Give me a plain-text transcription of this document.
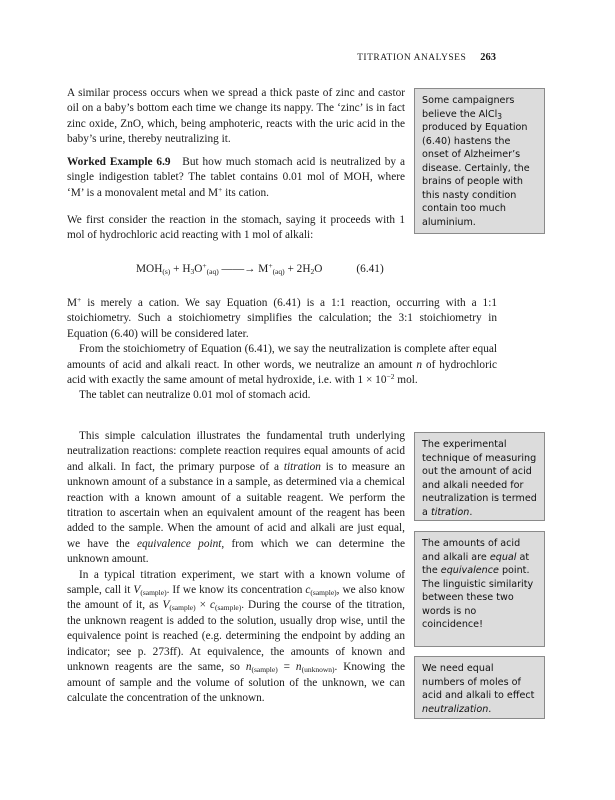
TITRATION ANALYSES 263

A similar process occurs when we spread a thick paste of zinc and castor oil on a baby’s bottom each time we change its nappy. The ‘zinc’ is in fact zinc oxide, ZnO, which, being amphoteric, reacts with the uric acid in the baby’s urine, thereby neutralizing it.

Worked Example 6.9 But how much stomach acid is neutralized by a single indigestion tablet? The tablet contains 0.01 mol of MOH, where ‘M’ is a monovalent metal and M+ its cation.

We first consider the reaction in the stomach, saying it proceeds with 1 mol of hydrochloric acid reacting with 1 mol of alkali:

$MOH_{(s)} + H_3O^+_{(aq)}$ ——→ $M^+_{(aq)} + 2H_2O$	(6.41)

M+ is merely a cation. We say Equation (6.41) is a 1:1 reaction, occurring with a 1:1 stoichiometry. Such a stoichiometry simplifies the calculation; the 3:1 stoichiometry in Equation (6.40) will be considered later.

From the stoichiometry of Equation (6.41), we say the neutralization is complete after equal amounts of acid and alkali react. In other words, we neutralize an amount n of hydrochloric acid with exactly the same amount of metal hydroxide, i.e. with $1 \times 10^{-2}$ mol.

The tablet can neutralize 0.01 mol of stomach acid.

This simple calculation illustrates the fundamental truth underlying neutralization reactions: complete reaction requires equal amounts of acid and alkali. In fact, the primary purpose of a titration is to measure an unknown amount of a substance in a sample, as determined via a chemical reaction with a known amount of a suitable reagent. We perform the titration to ascertain when an equivalent amount of the reagent has been added to the sample. When the amount of acid and alkali are just equal, we have the equivalence point, from which we can determine the unknown amount.

In a typical titration experiment, we start with a known volume of sample, call it $V_{(sample)}$. If we know its concentration $c_{(sample)}$, we also know the amount of it, as $V_{(sample)} \times c_{(sample)}$. During the course of the titration, the unknown reagent is added to the solution, usually drop wise, until the equivalence point is reached (e.g. determining the endpoint by adding an indicator; see p. 273ff). At equivalence, the amounts of known and unknown reagents are the same, so $n_{(sample)} = n_{(unknown)}$. Knowing the amount of sample and the volume of solution of the unknown, we can calculate the concentration of the unknown.

Some campaigners believe the AlCl$_3$ produced by Equation (6.40) hastens the onset of Alzheimer’s disease. Certainly, the brains of people with this nasty condition contain too much aluminium.
The experimental technique of measuring out the amount of acid and alkali needed for neutralization is termed a titration.
The amounts of acid and alkali are equal at the equivalence point. The linguistic similarity between these two words is no coincidence!
We need equal numbers of moles of acid and alkali to effect neutralization.
